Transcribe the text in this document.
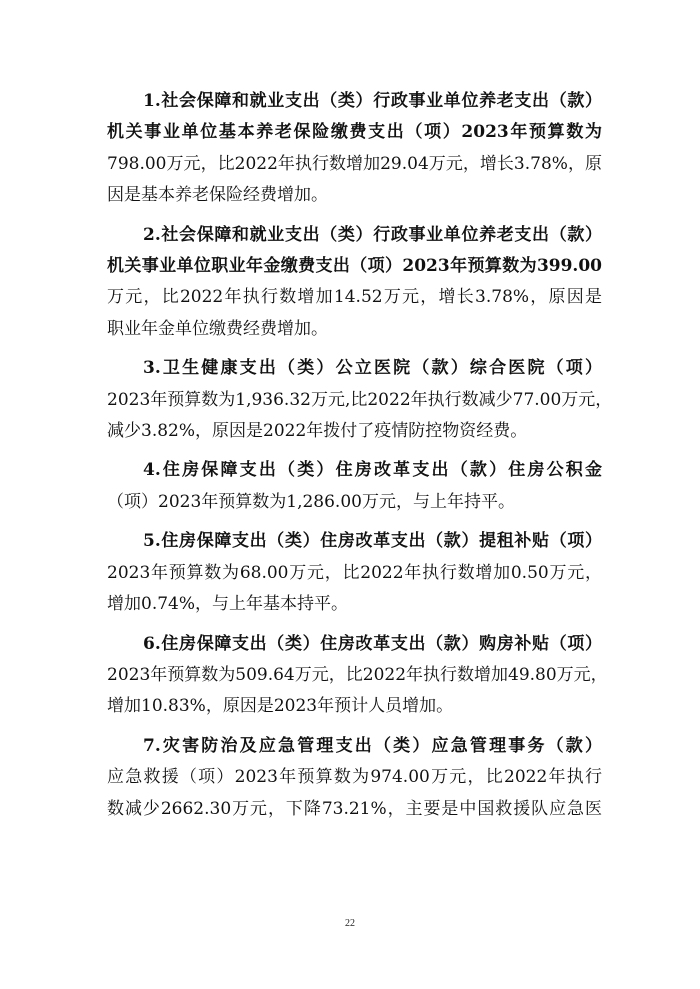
1.社会保障和就业支出（类）行政事业单位养老支出（款）
机关事业单位基本养老保险缴费支出（项）2023年预算数为
798.00万元，比2022年执行数增加29.04万元，增长3.78%，原
因是基本养老保险经费增加。
2.社会保障和就业支出（类）行政事业单位养老支出（款）
机关事业单位职业年金缴费支出（项）2023年预算数为399.00
万元，比2022年执行数增加14.52万元，增长3.78%，原因是
职业年金单位缴费经费增加。
3.卫生健康支出（类）公立医院（款）综合医院（项）
2023年预算数为1,936.32万元,比2022年执行数减少77.00万元，
减少3.82%，原因是2022年拨付了疫情防控物资经费。
4.住房保障支出（类）住房改革支出（款）住房公积金
（项）2023年预算数为1,286.00万元，与上年持平。
5.住房保障支出（类）住房改革支出（款）提租补贴（项）
2023年预算数为68.00万元，比2022年执行数增加0.50万元，
增加0.74%，与上年基本持平。
6.住房保障支出（类）住房改革支出（款）购房补贴（项）
2023年预算数为509.64万元，比2022年执行数增加49.80万元，
增加10.83%，原因是2023年预计人员增加。
7.灾害防治及应急管理支出（类）应急管理事务（款）
应急救援（项）2023年预算数为974.00万元，比2022年执行
数减少2662.30万元，下降73.21%，主要是中国救援队应急医
22
